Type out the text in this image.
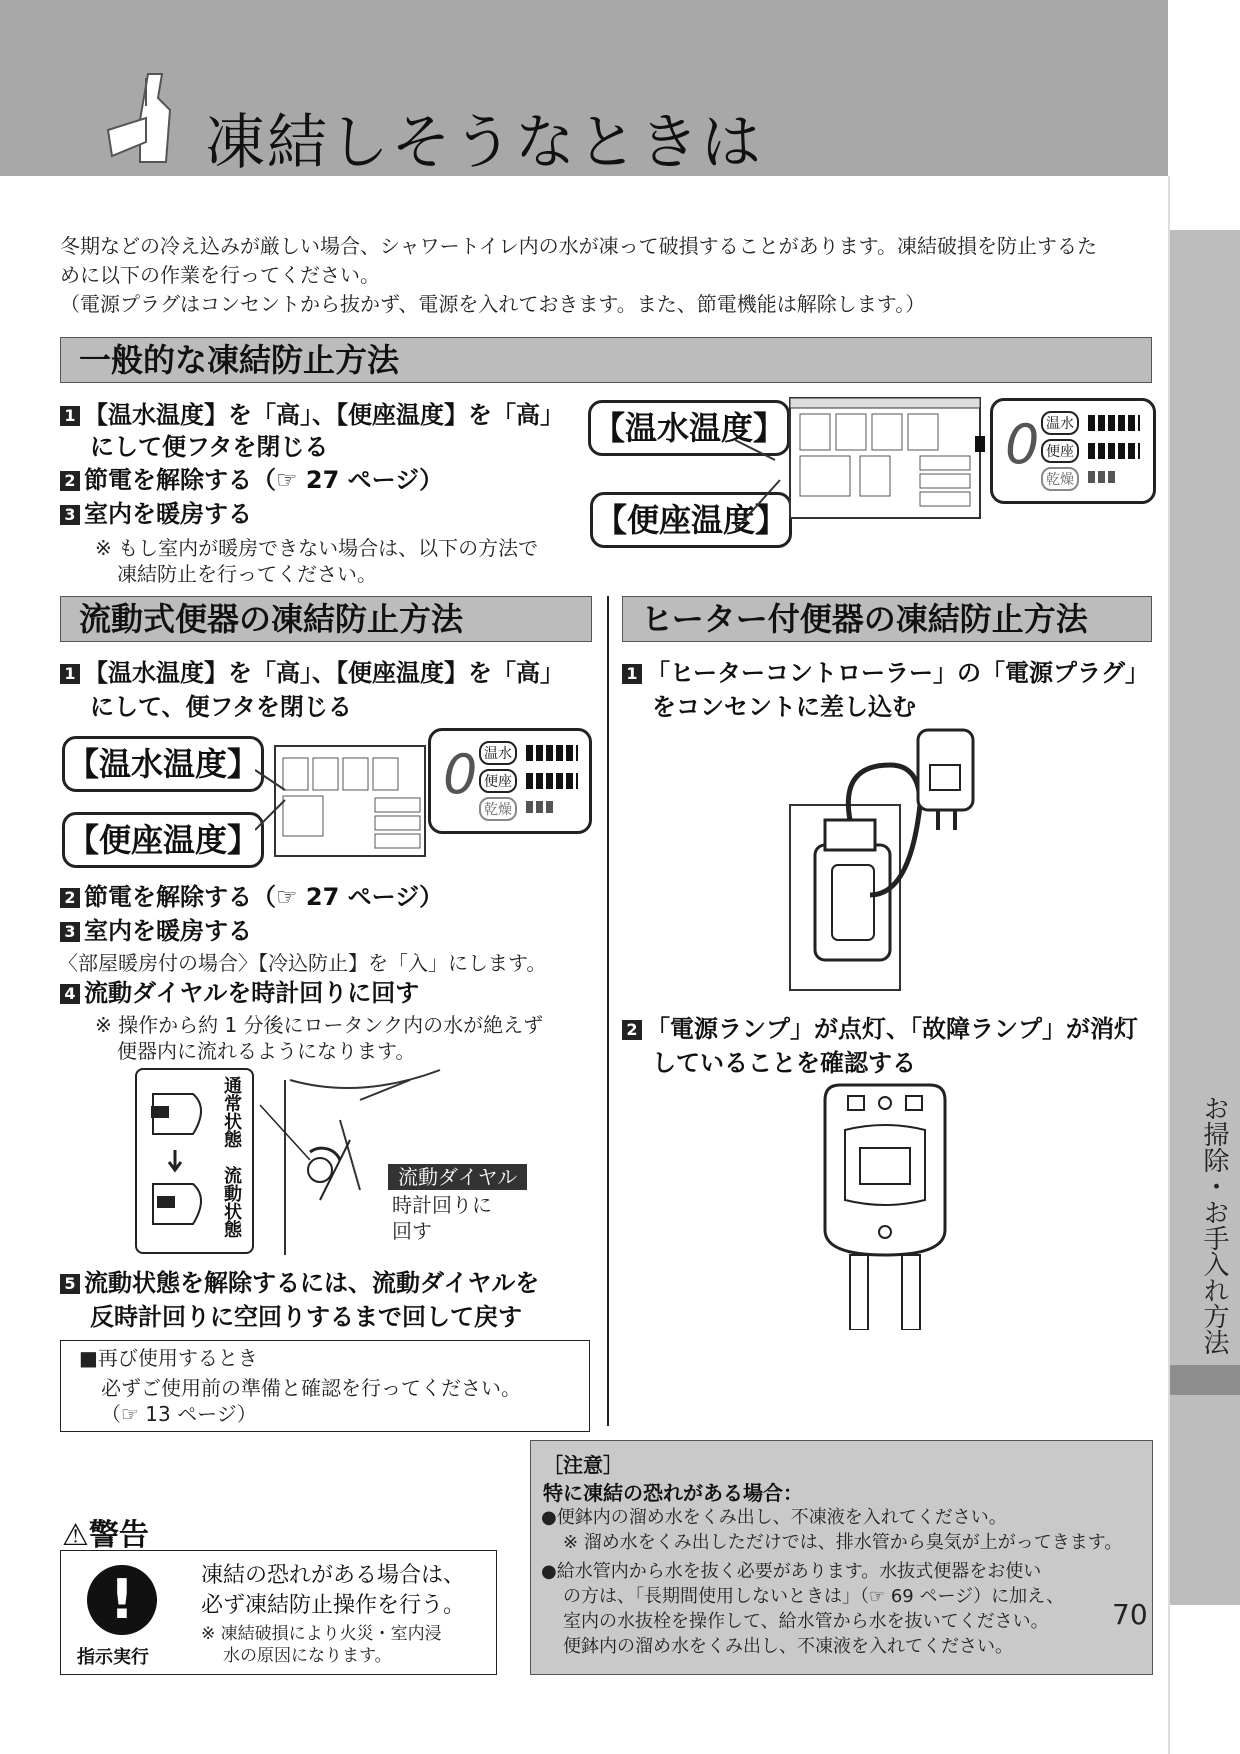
凍結しそうなときは
お掃除・お手入れ方法
冬期などの冷え込みが厳しい場合、シャワートイレ内の水が凍って破損することがあります。凍結破損を防止するた
めに以下の作業を行ってください。
（電源プラグはコンセントから抜かず、電源を入れておきます。また、節電機能は解除します。）
一般的な凍結防止方法
1 【温水温度】を「高」、【便座温度】を「高」
にして便フタを閉じる
2 節電を解除する（☞ 27 ページ）
3 室内を暖房する
※ もし室内が暖房できない場合は、以下の方法で
凍結防止を行ってください。
【温水温度】
【便座温度】
0 温水
便座
乾燥
流動式便器の凍結防止方法
1 【温水温度】を「高」、【便座温度】を「高」
にして、便フタを閉じる
【温水温度】
【便座温度】
0 温水
便座
乾燥
2 節電を解除する（☞ 27 ページ）
3 室内を暖房する
〈部屋暖房付の場合〉【冷込防止】を「入」にします。
4 流動ダイヤルを時計回りに回す
※ 操作から約 1 分後にロータンク内の水が絶えず
便器内に流れるようになります。
通常状態
流動状態	流動ダイヤル
時計回りに
回す
5 流動状態を解除するには、流動ダイヤルを
反時計回りに空回りするまで回して戻す
■再び使用するとき
必ずご使用前の準備と確認を行ってください。
（☞ 13 ページ）
ヒーター付便器の凍結防止方法
1 「ヒーターコントローラー」の「電源プラグ」
をコンセントに差し込む
2 「電源ランプ」が点灯、「故障ランプ」が消灯
していることを確認する
⚠警告
!
指示実行
凍結の恐れがある場合は、
必ず凍結防止操作を行う。
※ 凍結破損により火災・室内浸
水の原因になります。
［注意］
特に凍結の恐れがある場合：
●便鉢内の溜め水をくみ出し、不凍液を入れてください。
※ 溜め水をくみ出しただけでは、排水管から臭気が上がってきます。
●給水管内から水を抜く必要があります。水抜式便器をお使い
の方は、「長期間使用しないときは」（☞ 69 ページ）に加え、
室内の水抜栓を操作して、給水管から水を抜いてください。
便鉢内の溜め水をくみ出し、不凍液を入れてください。
70
